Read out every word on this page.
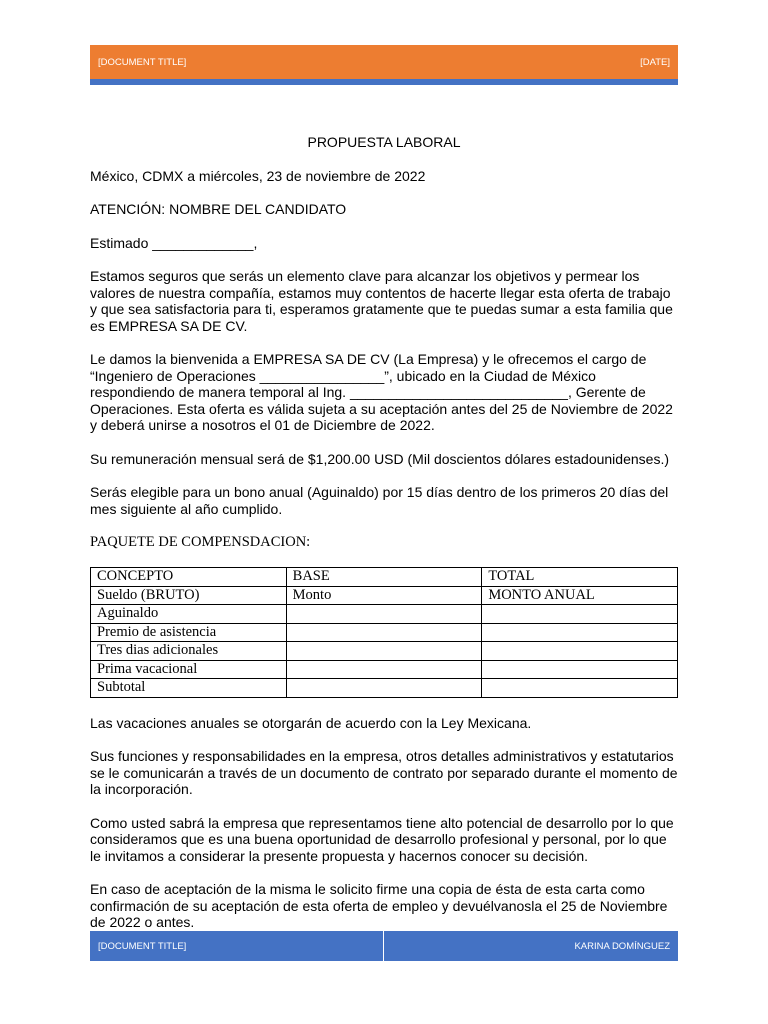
[DOCUMENT TITLE]	[DATE]

PROPUESTA LABORAL

México, CDMX a miércoles, 23 de noviembre de 2022

ATENCIÓN: NOMBRE DEL CANDIDATO

Estimado _____________,

Estamos seguros que serás un elemento clave para alcanzar los objetivos y permear los valores de nuestra compañía, estamos muy contentos de hacerte llegar esta oferta de trabajo y que sea satisfactoria para ti, esperamos gratamente que te puedas sumar a esta familia que es EMPRESA SA DE CV.

Le damos la bienvenida a EMPRESA SA DE CV (La Empresa) y le ofrecemos el cargo de “Ingeniero de Operaciones ________________”, ubicado en la Ciudad de México respondiendo de manera temporal al Ing. ____________________________, Gerente de Operaciones. Esta oferta es válida sujeta a su aceptación antes del 25 de Noviembre de 2022 y deberá unirse a nosotros el 01 de Diciembre de 2022.

Su remuneración mensual será de $1,200.00 USD (Mil doscientos dólares estadounidenses.)

Serás elegible para un bono anual (Aguinaldo) por 15 días dentro de los primeros 20 días del mes siguiente al año cumplido.

PAQUETE DE COMPENSDACION:

CONCEPTO	BASE	TOTAL
Sueldo (BRUTO)	Monto	MONTO ANUAL
Aguinaldo		
Premio de asistencia		
Tres dias adicionales		
Prima vacacional		
Subtotal		

Las vacaciones anuales se otorgarán de acuerdo con la Ley Mexicana.

Sus funciones y responsabilidades en la empresa, otros detalles administrativos y estatutarios se le comunicarán a través de un documento de contrato por separado durante el momento de la incorporación.

Como usted sabrá la empresa que representamos tiene alto potencial de desarrollo por lo que consideramos que es una buena oportunidad de desarrollo profesional y personal, por lo que le invitamos a considerar la presente propuesta y hacernos conocer su decisión.

En caso de aceptación de la misma le solicito firme una copia de ésta de esta carta como confirmación de su aceptación de esta oferta de empleo y devuélvanosla el 25 de Noviembre de 2022 o antes.

[DOCUMENT TITLE]	KARINA DOMÍNGUEZ
